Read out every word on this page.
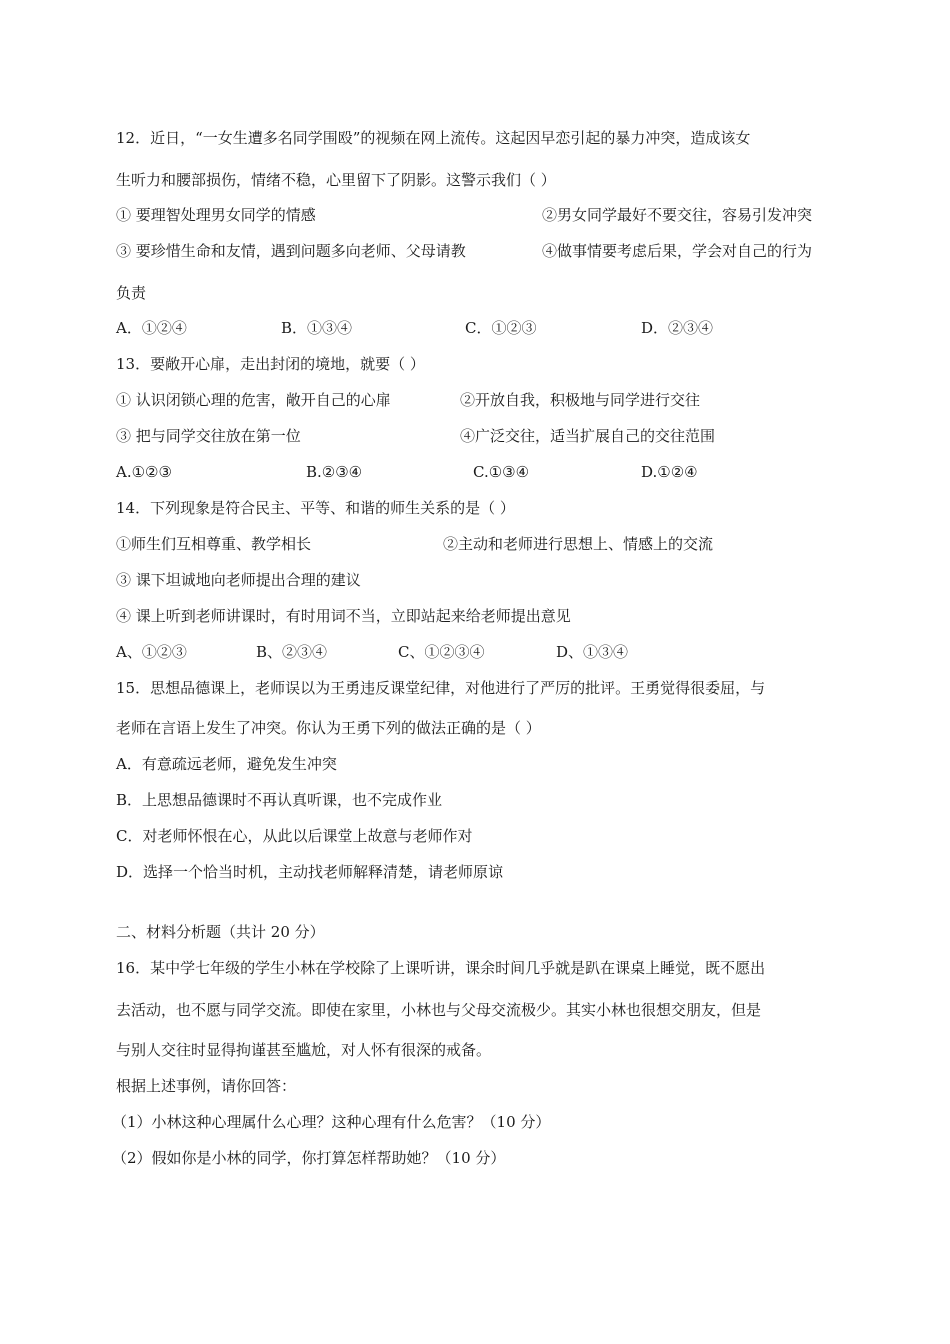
12．近日，“一女生遭多名同学围殴”的视频在网上流传。这起因早恋引起的暴力冲突，造成该女
生听力和腰部损伤，情绪不稳，心里留下了阴影。这警示我们（ ）
① 要理智处理男女同学的情感	②男女同学最好不要交往，容易引发冲突
③ 要珍惜生命和友情，遇到问题多向老师、父母请教	④做事情要考虑后果，学会对自己的行为
负责
A．①②④	B．①③④	C．①②③	D．②③④
13．要敞开心扉，走出封闭的境地，就要（ ）
① 认识闭锁心理的危害，敞开自己的心扉	②开放自我，积极地与同学进行交往
③ 把与同学交往放在第一位	④广泛交往，适当扩展自己的交往范围
A.①②③	B.②③④	C.①③④	D.①②④
14．下列现象是符合民主、平等、和谐的师生关系的是（ ）
①师生们互相尊重、教学相长	②主动和老师进行思想上、情感上的交流
③ 课下坦诚地向老师提出合理的建议
④ 课上听到老师讲课时，有时用词不当，立即站起来给老师提出意见
A、①②③	B、②③④	C、①②③④	D、①③④
15．思想品德课上，老师误以为王勇违反课堂纪律，对他进行了严厉的批评。王勇觉得很委屈，与
老师在言语上发生了冲突。你认为王勇下列的做法正确的是（ ）
A．有意疏远老师，避免发生冲突
B．上思想品德课时不再认真听课，也不完成作业
C．对老师怀恨在心，从此以后课堂上故意与老师作对
D．选择一个恰当时机，主动找老师解释清楚，请老师原谅
二、材料分析题（共计 20 分）
16．某中学七年级的学生小林在学校除了上课听讲，课余时间几乎就是趴在课桌上睡觉，既不愿出
去活动，也不愿与同学交流。即使在家里，小林也与父母交流极少。其实小林也很想交朋友，但是
与别人交往时显得拘谨甚至尴尬，对人怀有很深的戒备。
根据上述事例，请你回答：
（1）小林这种心理属什么心理？这种心理有什么危害？（10 分）
（2）假如你是小林的同学，你打算怎样帮助她？（10 分）
